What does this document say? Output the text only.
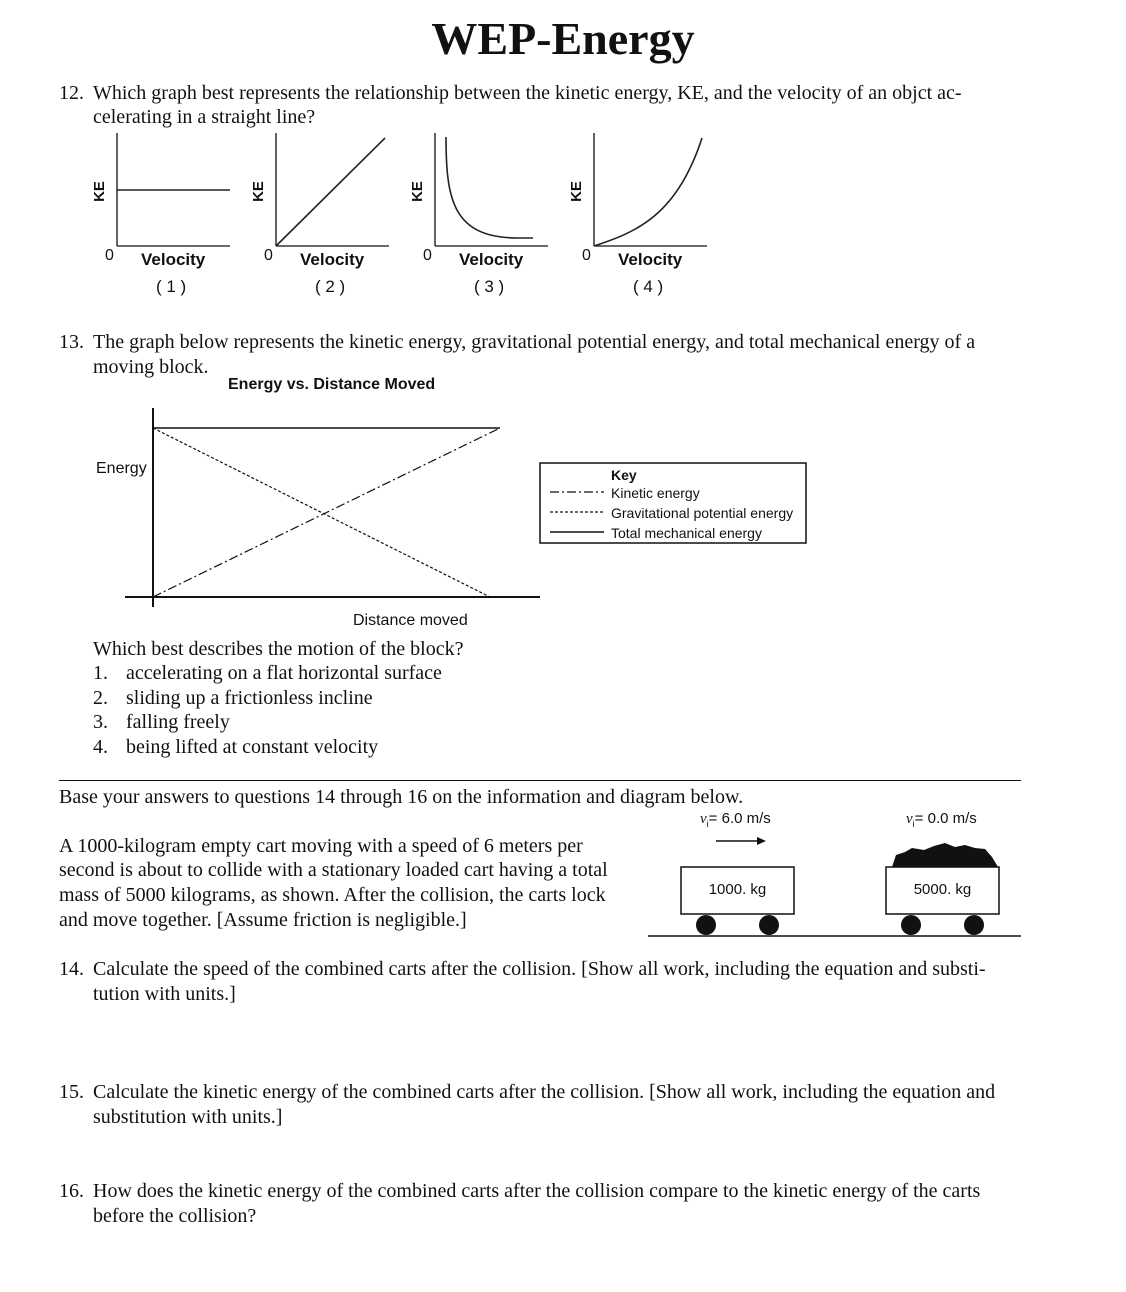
WEP-Energy
12. Which graph best represents the relationship between the kinetic energy, KE, and the velocity of an objct ac-
celerating in a straight line?
KE
0 Velocity
( 1 )
KE
0 Velocity
( 2 )
KE
0 Velocity
( 3 )
KE
0 Velocity
( 4 )
13. The graph below represents the kinetic energy, gravitational potential energy, and total mechanical energy of a
moving block.
Energy vs. Distance Moved
Energy
Distance moved
Key
Kinetic energy
Gravitational potential energy
Total mechanical energy
Which best describes the motion of the block?
1. accelerating on a flat horizontal surface
2. sliding up a frictionless incline
3. falling freely
4. being lifted at constant velocity
Base your answers to questions 14 through 16 on the information and diagram below.
A 1000-kilogram empty cart moving with a speed of 6 meters per
second is about to collide with a stationary loaded cart having a total
mass of 5000 kilograms, as shown. After the collision, the carts lock
and move together. [Assume friction is negligible.]
$v_i= 6.0$ m/s	$v_i= 0.0$ m/s
1000. kg	5000. kg
14. Calculate the speed of the combined carts after the collision. [Show all work, including the equation and substi-
tution with units.]
15. Calculate the kinetic energy of the combined carts after the collision. [Show all work, including the equation and
substitution with units.]
16. How does the kinetic energy of the combined carts after the collision compare to the kinetic energy of the carts
before the collision?
